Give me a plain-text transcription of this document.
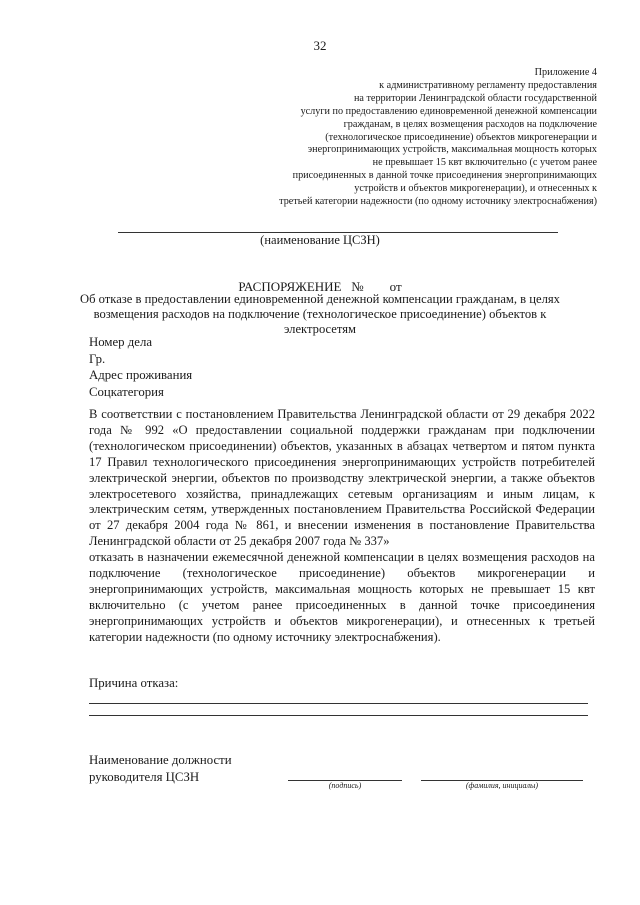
32
Приложение 4
к административному регламенту предоставления
на территории Ленинградской области государственной
услуги по предоставлению единовременной денежной компенсации
гражданам, в целях возмещения расходов на подключение
(технологическое присоединение) объектов микрогенерации и
энергопринимающих устройств, максимальная мощность которых
не превышает 15 квт включительно (с учетом ранее
присоединенных в данной точке присоединения энергопринимающих
устройств и объектов микрогенерации), и отнесенных к
третьей категории надежности (по одному источнику электроснабжения)
(наименование ЦСЗН)
РАСПОРЯЖЕНИЕ   №        от
Об отказе в предоставлении единовременной денежной компенсации гражданам, в целях возмещения расходов на подключение (технологическое присоединение) объектов к электросетям
Номер дела
Гр.
Адрес проживания
Соцкатегория
В соответствии с постановлением Правительства Ленинградской области от 29 декабря 2022 года № 992 «О предоставлении социальной поддержки гражданам при подключении (технологическом присоединении) объектов, указанных в абзацах четвертом и пятом пункта 17 Правил технологического присоединения энергопринимающих устройств потребителей электрической энергии, объектов по производству электрической энергии, а также объектов электросетевого хозяйства, принадлежащих сетевым организациям и иным лицам, к электрическим сетям, утвержденных постановлением Правительства Российской Федерации от 27 декабря 2004 года № 861, и внесении изменения в постановление Правительства Ленинградской области от 25 декабря 2007 года № 337»
отказать в назначении ежемесячной денежной компенсации в целях возмещения расходов на подключение (технологическое присоединение) объектов микрогенерации и энергопринимающих устройств, максимальная мощность которых не превышает 15 квт включительно (с учетом ранее присоединенных в данной точке присоединения энергопринимающих устройств и объектов микрогенерации), и отнесенных к третьей категории надежности (по одному источнику электроснабжения).
Причина отказа:
Наименование должности
руководителя ЦСЗН
(подпись)	(фамилия, инициалы)
